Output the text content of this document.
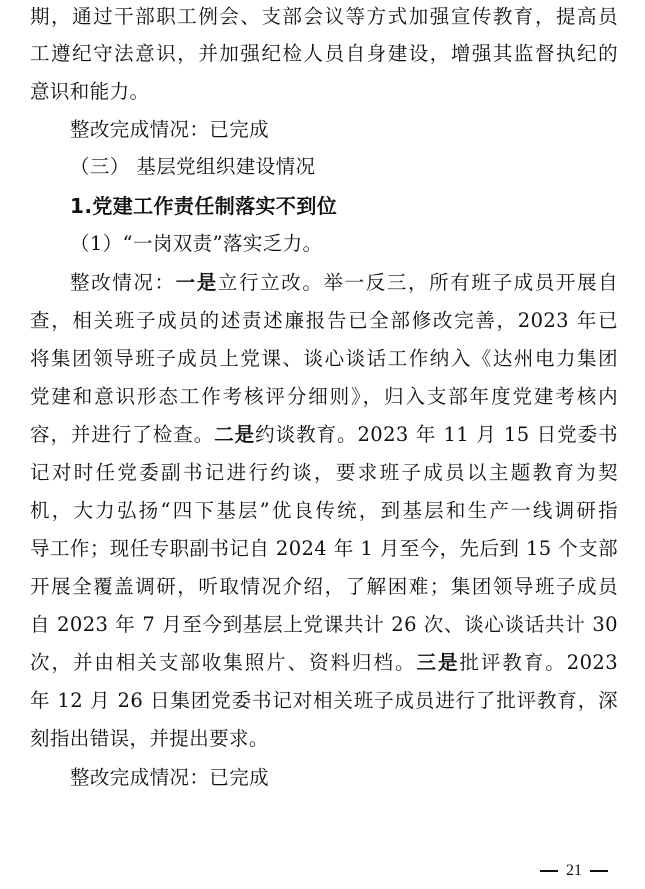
期，通过干部职工例会、支部会议等方式加强宣传教育，提高员
工遵纪守法意识，并加强纪检人员自身建设，增强其监督执纪的
意识和能力。
整改完成情况：已完成
（三） 基层党组织建设情况
1.党建工作责任制落实不到位
（1）“一岗双责”落实乏力。
整改情况：一是立行立改。举一反三，所有班子成员开展自
查，相关班子成员的述责述廉报告已全部修改完善，2023 年已
将集团领导班子成员上党课、谈心谈话工作纳入《达州电力集团
党建和意识形态工作考核评分细则》，归入支部年度党建考核内
容，并进行了检查。二是约谈教育。2023 年 11 月 15 日党委书
记对时任党委副书记进行约谈，要求班子成员以主题教育为契
机，大力弘扬“四下基层”优良传统，到基层和生产一线调研指
导工作；现任专职副书记自 2024 年 1 月至今，先后到 15 个支部
开展全覆盖调研，听取情况介绍，了解困难；集团领导班子成员
自 2023 年 7 月至今到基层上党课共计 26 次、谈心谈话共计 30
次，并由相关支部收集照片、资料归档。三是批评教育。2023
年 12 月 26 日集团党委书记对相关班子成员进行了批评教育，深
刻指出错误，并提出要求。
整改完成情况：已完成
21
